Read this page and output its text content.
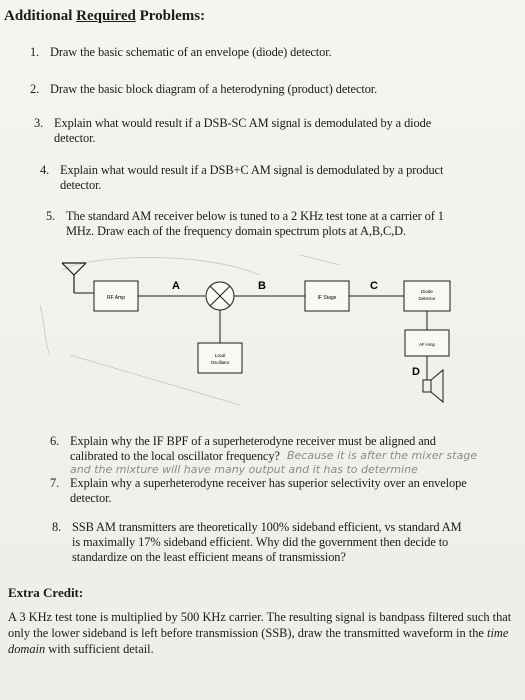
Additional Required Problems:
1. Draw the basic schematic of an envelope (diode) detector.
2. Draw the basic block diagram of a heterodyning (product) detector.
3. Explain what would result if a DSB-SC AM signal is demodulated by a diode
detector.
4. Explain what would result if a DSB+C AM signal is demodulated by a product
detector.
5. The standard AM receiver below is tuned to a 2 KHz test tone at a carrier of 1
MHz. Draw each of the frequency domain spectrum plots at A,B,C,D.
RF Amp
A	B
IF Stage
C	Diode
Detector
AF Amp
D
Local
Oscillator
6. Explain why the IF BPF of a superheterodyne receiver must be aligned and
calibrated to the local oscillator frequency? Because it is after the mixer stage
and the mixture will have many output and it has to determine
7. Explain why a superheterodyne receiver has superior selectivity over an envelope
detector.
8. SSB AM transmitters are theoretically 100% sideband efficient, vs standard AM
is maximally 17% sideband efficient. Why did the government then decide to
standardize on the least efficient means of transmission?
Extra Credit:
A 3 KHz test tone is multiplied by 500 KHz carrier. The resulting signal is bandpass filtered such that only the lower sideband is left before transmission (SSB), draw the transmitted waveform in the time domain with sufficient detail.
